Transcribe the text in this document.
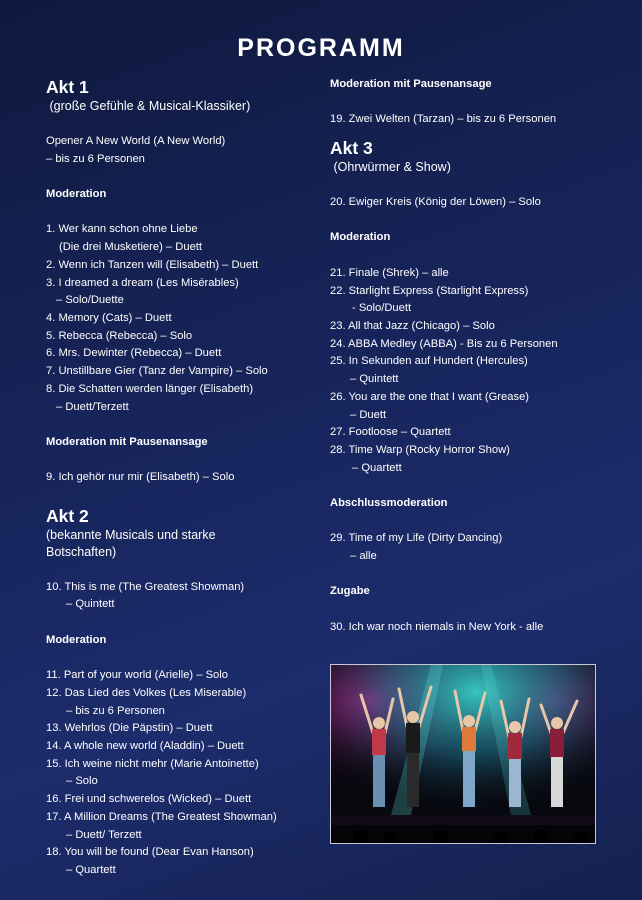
PROGRAMM
Akt 1
(große Gefühle & Musical-Klassiker)
Opener A New World (A New World)
– bis zu 6 Personen
Moderation
1. Wer kann schon ohne Liebe
(Die drei Musketiere) – Duett
2. Wenn ich Tanzen will (Elisabeth) – Duett
3. I dreamed a dream (Les Misérables)
– Solo/Duette
4. Memory (Cats) – Duett
5. Rebecca (Rebecca) – Solo
6. Mrs. Dewinter (Rebecca) – Duett
7. Unstillbare Gier (Tanz der Vampire) – Solo
8. Die Schatten werden länger (Elisabeth)
– Duett/Terzett
Moderation mit Pausenansage
9. Ich gehör nur mir (Elisabeth) – Solo
Akt 2
(bekannte Musicals und starke
Botschaften)
10. This is me (The Greatest Showman)
– Quintett
Moderation
11. Part of your world (Arielle) – Solo
12. Das Lied des Volkes (Les Miserable)
– bis zu 6 Personen
13. Wehrlos (Die Päpstin) – Duett
14. A whole new world (Aladdin) – Duett
15. Ich weine nicht mehr (Marie Antoinette)
– Solo
16. Frei und schwerelos (Wicked) – Duett
17. A Million Dreams (The Greatest Showman)
– Duett/ Terzett
18. You will be found (Dear Evan Hanson)
– Quartett
Moderation mit Pausenansage
19. Zwei Welten (Tarzan) – bis zu 6 Personen
Akt 3
(Ohrwürmer & Show)
20. Ewiger Kreis (König der Löwen) – Solo
Moderation
21. Finale (Shrek) – alle
22. Starlight Express (Starlight Express)
- Solo/Duett
23. All that Jazz (Chicago) – Solo
24. ABBA Medley (ABBA) - Bis zu 6 Personen
25. In Sekunden auf Hundert (Hercules)
– Quintett
26. You are the one that I want (Grease)
– Duett
27. Footloose – Quartett
28. Time Warp (Rocky Horror Show)
– Quartett
Abschlussmoderation
29. Time of my Life (Dirty Dancing)
– alle
Zugabe
30. Ich war noch niemals in New York - alle
